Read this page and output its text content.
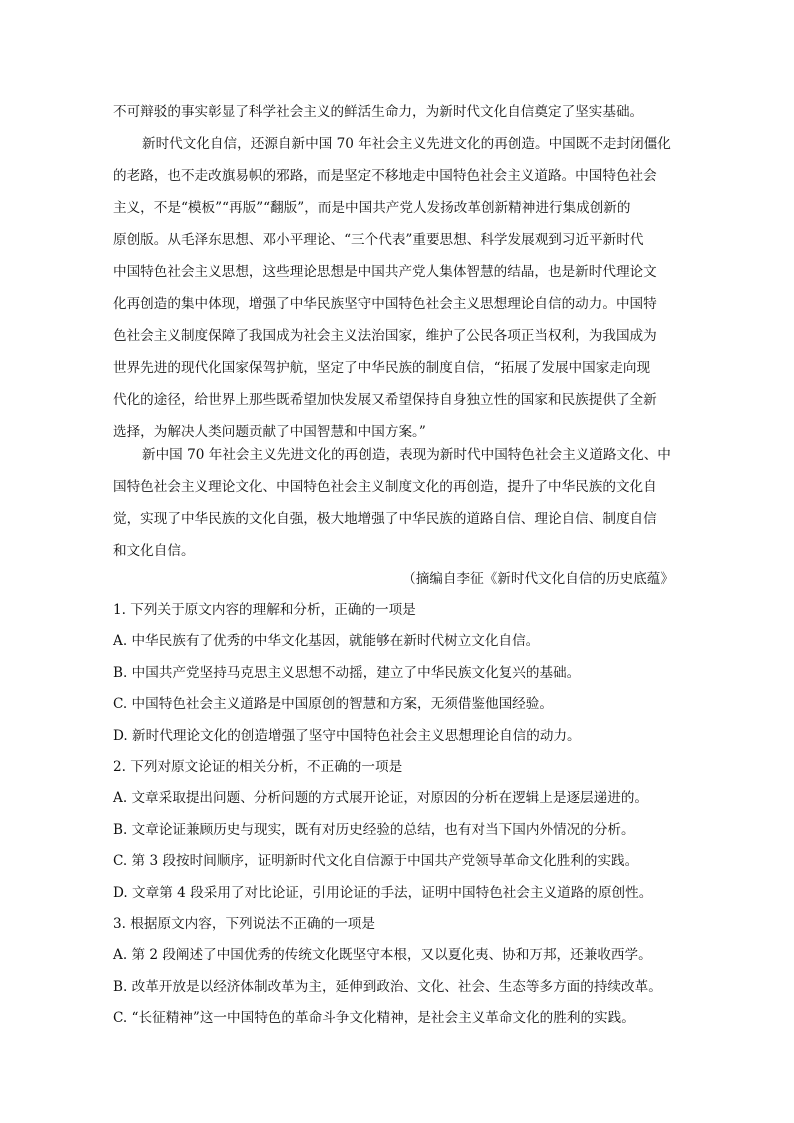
不可辩驳的事实彰显了科学社会主义的鲜活生命力，为新时代文化自信奠定了坚实基础。
新时代文化自信，还源自新中国 70 年社会主义先进文化的再创造。中国既不走封闭僵化
的老路，也不走改旗易帜的邪路，而是坚定不移地走中国特色社会主义道路。中国特色社会
主义，不是“模板”“再版”“翻版”，而是中国共产党人发扬改革创新精神进行集成创新的
原创版。从毛泽东思想、邓小平理论、“三个代表”重要思想、科学发展观到习近平新时代
中国特色社会主义思想，这些理论思想是中国共产党人集体智慧的结晶，也是新时代理论文
化再创造的集中体现，增强了中华民族坚守中国特色社会主义思想理论自信的动力。中国特
色社会主义制度保障了我国成为社会主义法治国家，维护了公民各项正当权利，为我国成为
世界先进的现代化国家保驾护航，坚定了中华民族的制度自信，“拓展了发展中国家走向现
代化的途径，给世界上那些既希望加快发展又希望保持自身独立性的国家和民族提供了全新
选择，为解决人类问题贡献了中国智慧和中国方案。”
新中国 70 年社会主义先进文化的再创造，表现为新时代中国特色社会主义道路文化、中
国特色社会主义理论文化、中国特色社会主义制度文化的再创造，提升了中华民族的文化自
觉，实现了中华民族的文化自强，极大地增强了中华民族的道路自信、理论自信、制度自信
和文化自信。
（摘编自李征《新时代文化自信的历史底蕴》
1. 下列关于原文内容的理解和分析，正确的一项是
A. 中华民族有了优秀的中华文化基因，就能够在新时代树立文化自信。
B. 中国共产党坚持马克思主义思想不动摇，建立了中华民族文化复兴的基础。
C. 中国特色社会主义道路是中国原创的智慧和方案，无须借鉴他国经验。
D. 新时代理论文化的创造增强了坚守中国特色社会主义思想理论自信的动力。
2. 下列对原文论证的相关分析，不正确的一项是
A. 文章采取提出问题、分析问题的方式展开论证，对原因的分析在逻辑上是逐层递进的。
B. 文章论证兼顾历史与现实，既有对历史经验的总结，也有对当下国内外情况的分析。
C. 第 3 段按时间顺序，证明新时代文化自信源于中国共产党领导革命文化胜利的实践。
D. 文章第 4 段采用了对比论证，引用论证的手法，证明中国特色社会主义道路的原创性。
3. 根据原文内容，下列说法不正确的一项是
A. 第 2 段阐述了中国优秀的传统文化既坚守本根，又以夏化夷、协和万邦，还兼收西学。
B. 改革开放是以经济体制改革为主，延伸到政治、文化、社会、生态等多方面的持续改革。
C. “长征精神”这一中国特色的革命斗争文化精神，是社会主义革命文化的胜利的实践。
